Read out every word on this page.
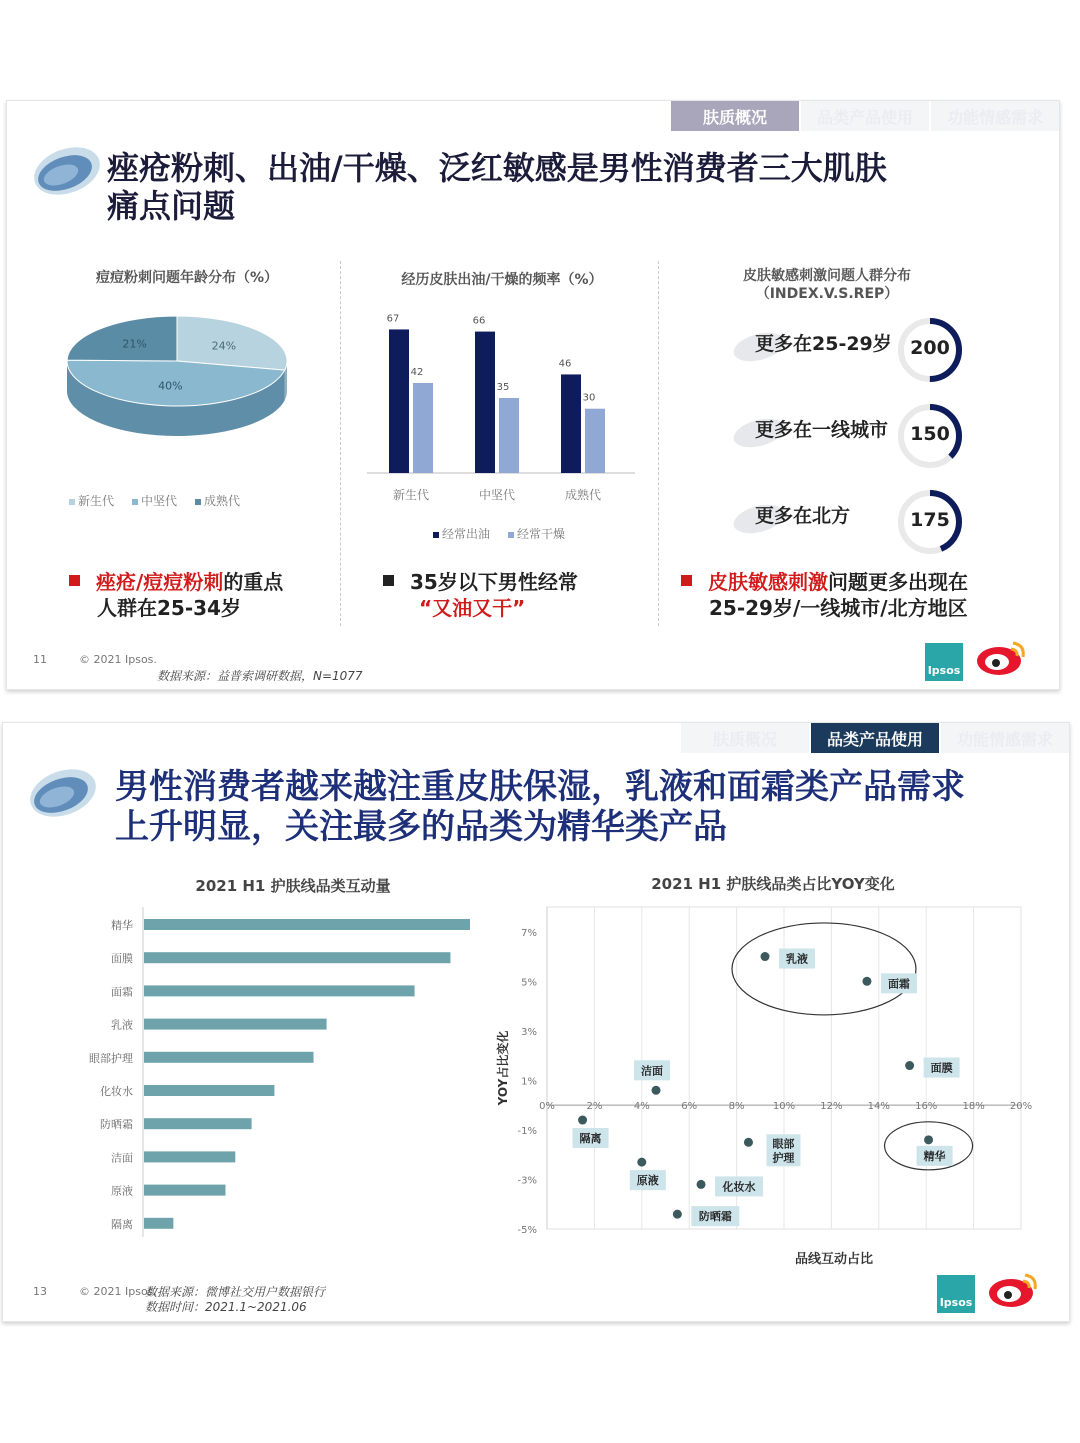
肤质概况	品类产品使用	功能情感需求
痤疮粉刺、出油/干燥、泛红敏感是男性消费者三大肌肤
痛点问题
痘痘粉刺问题年龄分布（%）
24%
40%
21%
新生代	中坚代	成熟代
经历皮肤出油/干燥的频率（%）
67
42
新生代
66
35
中坚代
46
30
成熟代
经常出油	经常干燥
皮肤敏感刺激问题人群分布
（INDEX.V.S.REP）
更多在25-29岁 200
更多在一线城市	150
更多在北方	175
痤疮/痘痘粉刺的重点
人群在25-34岁
35岁以下男性经常
“又油又干”
皮肤敏感刺激问题更多出现在
25-29岁/一线城市/北方地区
11	© 2021 Ipsos.
数据来源：益普索调研数据，N=1077	Ipsos
肤质概况	品类产品使用	功能情感需求
男性消费者越来越注重皮肤保湿，乳液和面霜类产品需求
上升明显，关注最多的品类为精华类产品
2021 H1 护肤线品类互动量
精华
面膜
面霜
乳液
眼部护理
化妆水
防晒霜
洁面
原液
隔离
2021 H1 护肤线品类占比YOY变化
0%	2%	4%	6%	8%	10%	12%	14%	16%	18%	20%
7%
5%
3%
1%
-1%
-3%
-5%
YOY占比变化
品线互动占比
乳液
面霜
面膜
洁面
隔离	眼部
护理	精华
原液	化妆水
防晒霜
13	© 2021 Ipsos.
数据来源：微博社交用户数据银行
数据时间：2021.1~2021.06	Ipsos
